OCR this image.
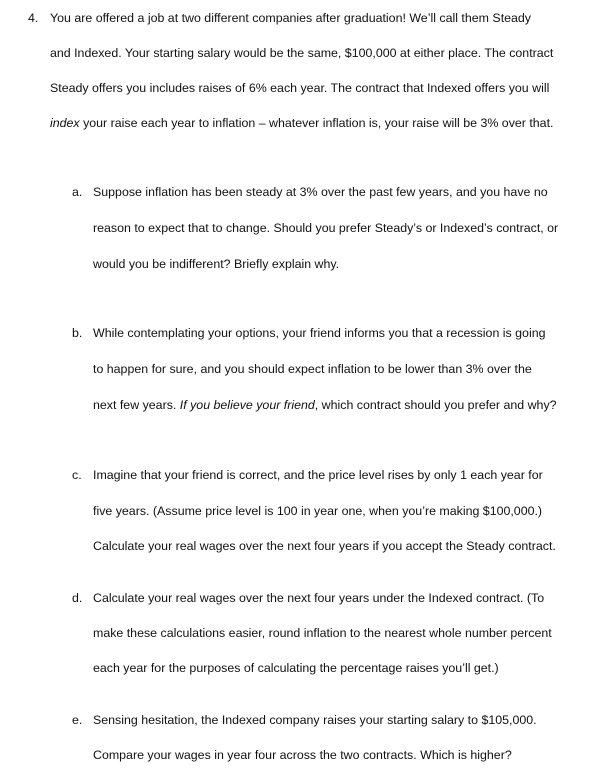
4. You are offered a job at two different companies after graduation! We’ll call them Steady
and Indexed. Your starting salary would be the same, $100,000 at either place. The contract
Steady offers you includes raises of 6% each year. The contract that Indexed offers you will
index your raise each year to inflation – whatever inflation is, your raise will be 3% over that.
a. Suppose inflation has been steady at 3% over the past few years, and you have no
reason to expect that to change. Should you prefer Steady’s or Indexed’s contract, or
would you be indifferent? Briefly explain why.
b. While contemplating your options, your friend informs you that a recession is going
to happen for sure, and you should expect inflation to be lower than 3% over the
next few years. If you believe your friend, which contract should you prefer and why?
c. Imagine that your friend is correct, and the price level rises by only 1 each year for
five years. (Assume price level is 100 in year one, when you’re making $100,000.)
Calculate your real wages over the next four years if you accept the Steady contract.
d. Calculate your real wages over the next four years under the Indexed contract. (To
make these calculations easier, round inflation to the nearest whole number percent
each year for the purposes of calculating the percentage raises you’ll get.)
e. Sensing hesitation, the Indexed company raises your starting salary to $105,000.
Compare your wages in year four across the two contracts. Which is higher?
